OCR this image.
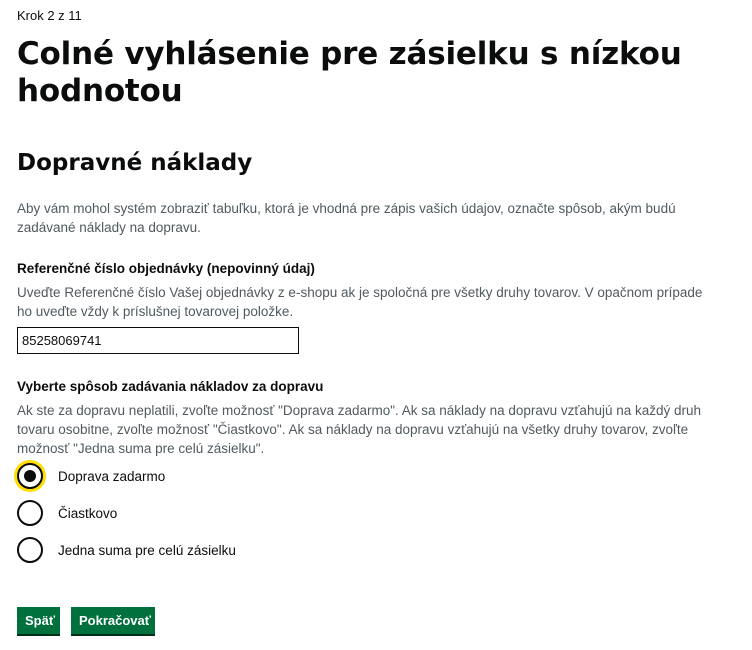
Krok 2 z 11
Colné vyhlásenie pre zásielku s nízkou hodnotou
Dopravné náklady

Aby vám mohol systém zobraziť tabuľku, ktorá je vhodná pre zápis vašich údajov, označte spôsob, akým budú zadávané náklady na dopravu.

Referenčné číslo objednávky (nepovinný údaj)

Uveďte Referenčné číslo Vašej objednávky z e-shopu ak je spoločná pre všetky druhy tovarov. V opačnom prípade ho uveďte vždy k príslušnej tovarovej položke.

85258069741
Vyberte spôsob zadávania nákladov za dopravu

Ak ste za dopravu neplatili, zvoľte možnosť "Doprava zadarmo". Ak sa náklady na dopravu vzťahujú na každý druh tovaru osobitne, zvoľte možnosť "Čiastkovo". Ak sa náklady na dopravu vzťahujú na všetky druhy tovarov, zvoľte možnosť "Jedna suma pre celú zásielku".

Doprava zadarmo
Čiastkovo
Jedna suma pre celú zásielku
Späť	Pokračovať
